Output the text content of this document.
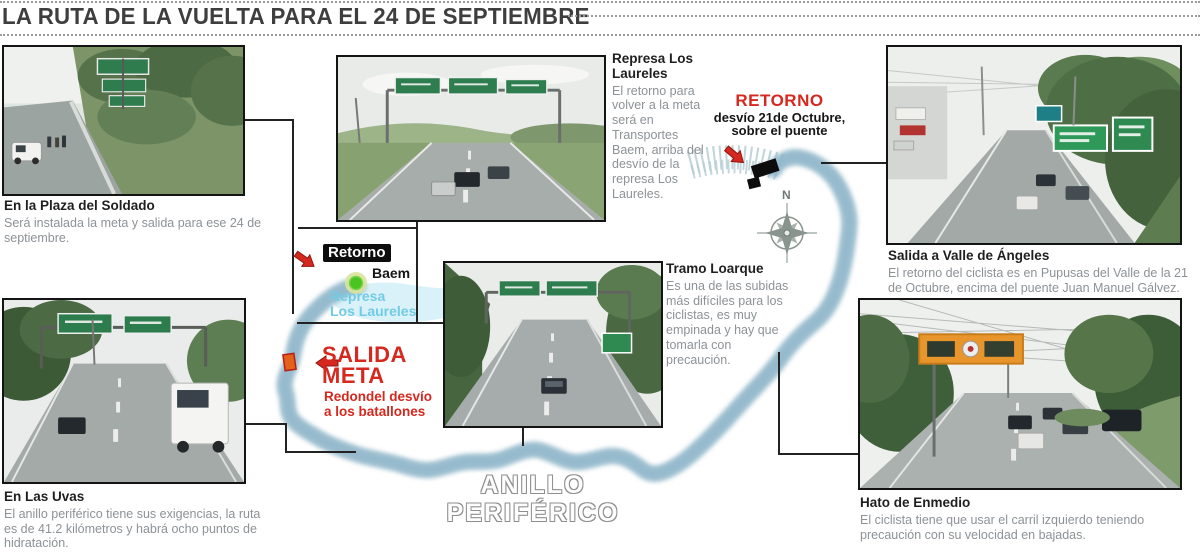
LA RUTA DE LA VUELTA PARA EL 24 DE SEPTIEMBRE
RETORNO
desvío 21de Octubre,
sobre el puente
Retorno
Baem
Represa
Los Laureles
SALIDA
META
Redondel desvío
a los batallones
ANILLO
PERIFÉRICO
N
En la Plaza del Soldado
Será instalada la meta y salida para ese 24 de septiembre.
Represa Los Laureles
El retorno para volver a la meta será en Transportes Baem, arriba del desvío de la represa Los Laureles.
Salida a Valle de Ángeles
El retorno del ciclista es en Pupusas del Valle de la 21 de Octubre, encima del puente Juan Manuel Gálvez.
Tramo Loarque
Es una de las subidas más difíciles para los ciclistas, es muy empinada y hay que tomarla con precaución.
En Las Uvas
El anillo periférico tiene sus exigencias, la ruta es de 41.2 kilómetros y habrá ocho puntos de hidratación.
Hato de Enmedio
El ciclista tiene que usar el carril izquierdo teniendo precaución con su velocidad en bajadas.
